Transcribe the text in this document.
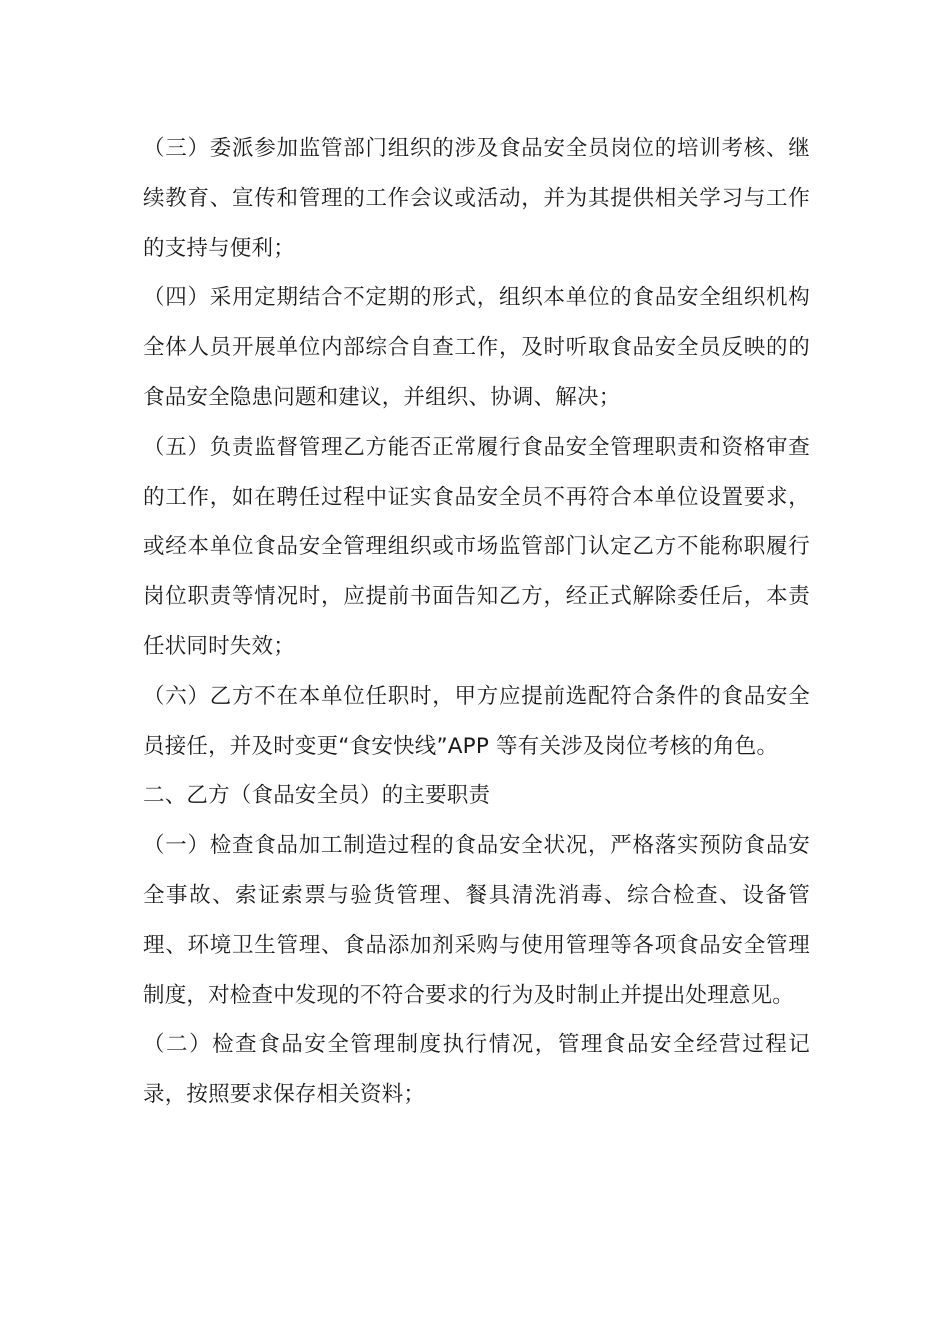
（三）委派参加监管部门组织的涉及食品安全员岗位的培训考核、继续教育、宣传和管理的工作会议或活动，并为其提供相关学习与工作的支持与便利；

（四）采用定期结合不定期的形式，组织本单位的食品安全组织机构全体人员开展单位内部综合自查工作，及时听取食品安全员反映的的食品安全隐患问题和建议，并组织、协调、解决；

（五）负责监督管理乙方能否正常履行食品安全管理职责和资格审查的工作，如在聘任过程中证实食品安全员不再符合本单位设置要求，或经本单位食品安全管理组织或市场监管部门认定乙方不能称职履行岗位职责等情况时，应提前书面告知乙方，经正式解除委任后，本责任状同时失效；

（六）乙方不在本单位任职时，甲方应提前选配符合条件的食品安全员接任，并及时变更“食安快线”APP 等有关涉及岗位考核的角色。

二、乙方（食品安全员）的主要职责

（一）检查食品加工制造过程的食品安全状况，严格落实预防食品安全事故、索证索票与验货管理、餐具清洗消毒、综合检查、设备管理、环境卫生管理、食品添加剂采购与使用管理等各项食品安全管理制度，对检查中发现的不符合要求的行为及时制止并提出处理意见。

（二）检查食品安全管理制度执行情况，管理食品安全经营过程记录，按照要求保存相关资料；
